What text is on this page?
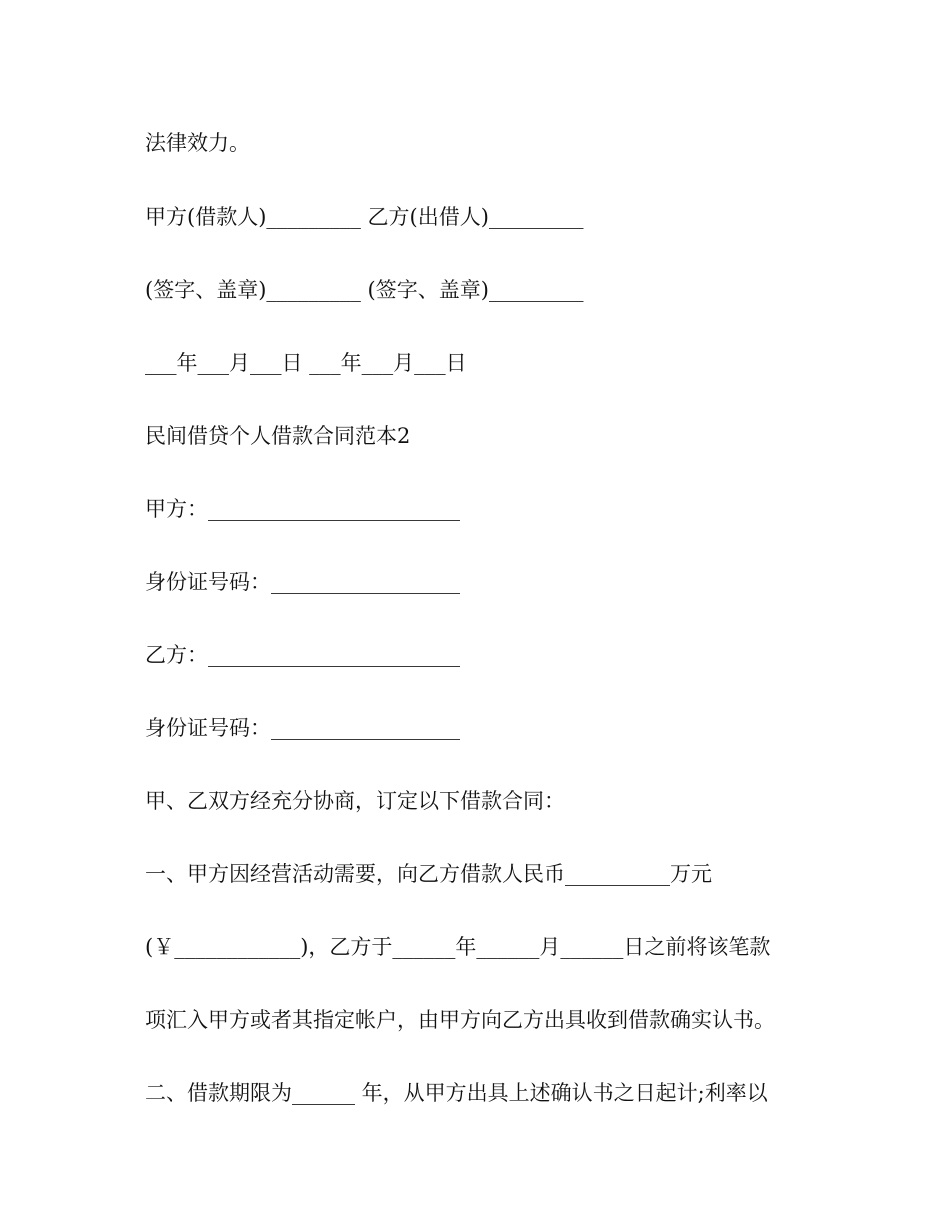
法律效力。
甲方(借款人)_________ 乙方(出借人)_________
(签字、盖章)_________ (签字、盖章)_________
___年___月___日 ___年___月___日
民间借贷个人借款合同范本2
甲方：________________________
身份证号码：__________________
乙方：________________________
身份证号码：__________________
甲、乙双方经充分协商，订定以下借款合同：
一、甲方因经营活动需要，向乙方借款人民币__________万元
(￥____________)，乙方于______年______月______日之前将该笔款
项汇入甲方或者其指定帐户，由甲方向乙方出具收到借款确实认书。
二、借款期限为______ 年，从甲方出具上述确认书之日起计;利率以
